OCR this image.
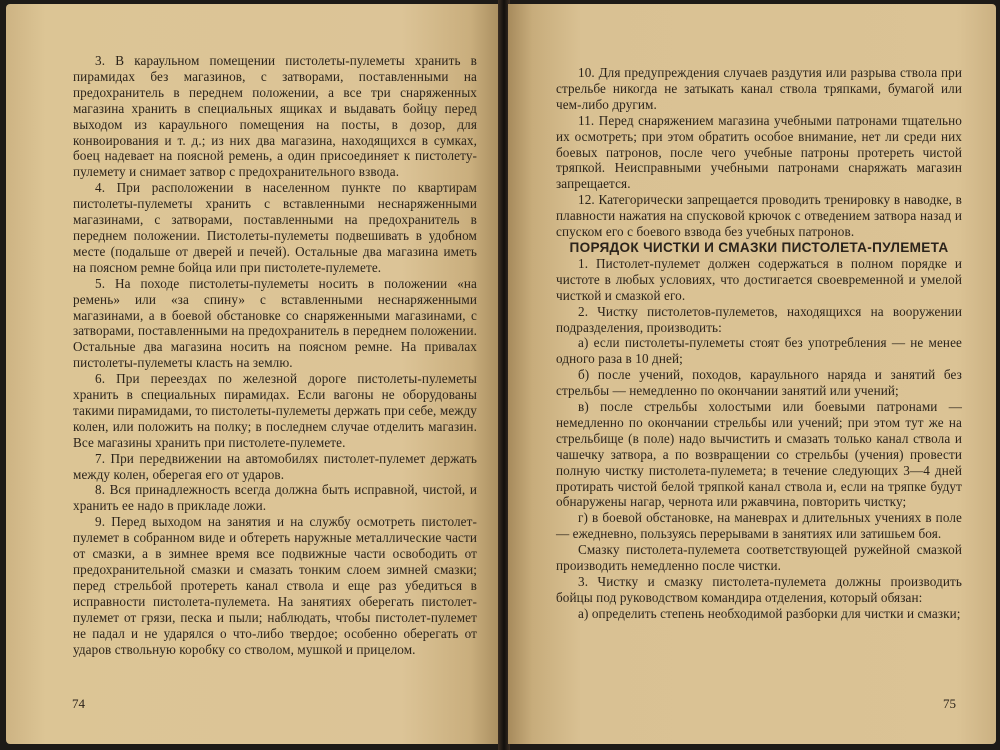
3. В караульном помещении пистолеты-пулеметы хранить в пирамидах без магазинов, с затворами, поставленными на предохранитель в переднем положении, а все три снаряженных магазина хранить в специальных ящиках и выдавать бойцу перед выходом из караульного помещения на посты, в дозор, для конвоирования и т. д.; из них два магазина, находящихся в сумках, боец надевает на поясной ремень, а один присоединяет к пистолету-пулемету и снимает затвор с предохранительного взвода.

4. При расположении в населенном пункте по квартирам пистолеты-пулеметы хранить с вставленными неснаряженными магазинами, с затворами, поставленными на предохранитель в переднем положении. Пистолеты-пулеметы подвешивать в удобном месте (подальше от дверей и печей). Остальные два магазина иметь на поясном ремне бойца или при пистолете-пулемете.

5. На походе пистолеты-пулеметы носить в положении «на ремень» или «за спину» с вставленными неснаряженными магазинами, а в боевой обстановке со снаряженными магазинами, с затворами, поставленными на предохранитель в переднем положении. Остальные два магазина носить на поясном ремне. На привалах пистолеты-пулеметы класть на землю.

6. При переездах по железной дороге пистолеты-пулеметы хранить в специальных пирамидах. Если вагоны не оборудованы такими пирамидами, то пистолеты-пулеметы держать при себе, между колен, или положить на полку; в последнем случае отделить магазин. Все магазины хранить при пистолете-пулемете.

7. При передвижении на автомобилях пистолет-пулемет держать между колен, оберегая его от ударов.

8. Вся принадлежность всегда должна быть исправной, чистой, и хранить ее надо в прикладе ложи.

9. Перед выходом на занятия и на службу осмотреть пистолет-пулемет в собранном виде и обтереть наружные металлические части от смазки, а в зимнее время все подвижные части освободить от предохранительной смазки и смазать тонким слоем зимней смазки; перед стрельбой протереть канал ствола и еще раз убедиться в исправности пистолета-пулемета. На занятиях оберегать пистолет-пулемет от грязи, песка и пыли; наблюдать, чтобы пистолет-пулемет не падал и не ударялся о что-либо твердое; особенно оберегать от ударов ствольную коробку со стволом, мушкой и прицелом.

74

10. Для предупреждения случаев раздутия или разрыва ствола при стрельбе никогда не затыкать канал ствола тряпками, бумагой или чем-либо другим.

11. Перед снаряжением магазина учебными патронами тщательно их осмотреть; при этом обратить особое внимание, нет ли среди них боевых патронов, после чего учебные патроны протереть чистой тряпкой. Неисправными учебными патронами снаряжать магазин запрещается.

12. Категорически запрещается проводить тренировку в наводке, в плавности нажатия на спусковой крючок с отведением затвора назад и спуском его с боевого взвода без учебных патронов.

ПОРЯДОК ЧИСТКИ И СМАЗКИ ПИСТОЛЕТА-ПУЛЕМЕТА

1. Пистолет-пулемет должен содержаться в полном порядке и чистоте в любых условиях, что достигается своевременной и умелой чисткой и смазкой его.

2. Чистку пистолетов-пулеметов, находящихся на вооружении подразделения, производить:

а) если пистолеты-пулеметы стоят без употребления — не менее одного раза в 10 дней;

б) после учений, походов, караульного наряда и занятий без стрельбы — немедленно по окончании занятий или учений;

в) после стрельбы холостыми или боевыми патронами — немедленно по окончании стрельбы или учений; при этом тут же на стрельбище (в поле) надо вычистить и смазать только канал ствола и чашечку затвора, а по возвращении со стрельбы (учения) провести полную чистку пистолета-пулемета; в течение следующих 3—4 дней протирать чистой белой тряпкой канал ствола и, если на тряпке будут обнаружены нагар, чернота или ржавчина, повторить чистку;

г) в боевой обстановке, на маневрах и длительных учениях в поле — ежедневно, пользуясь перерывами в занятиях или затишьем боя.

Смазку пистолета-пулемета соответствующей ружейной смазкой производить немедленно после чистки.

3. Чистку и смазку пистолета-пулемета должны производить бойцы под руководством командира отделения, который обязан:

а) определить степень необходимой разборки для чистки и смазки;

75
